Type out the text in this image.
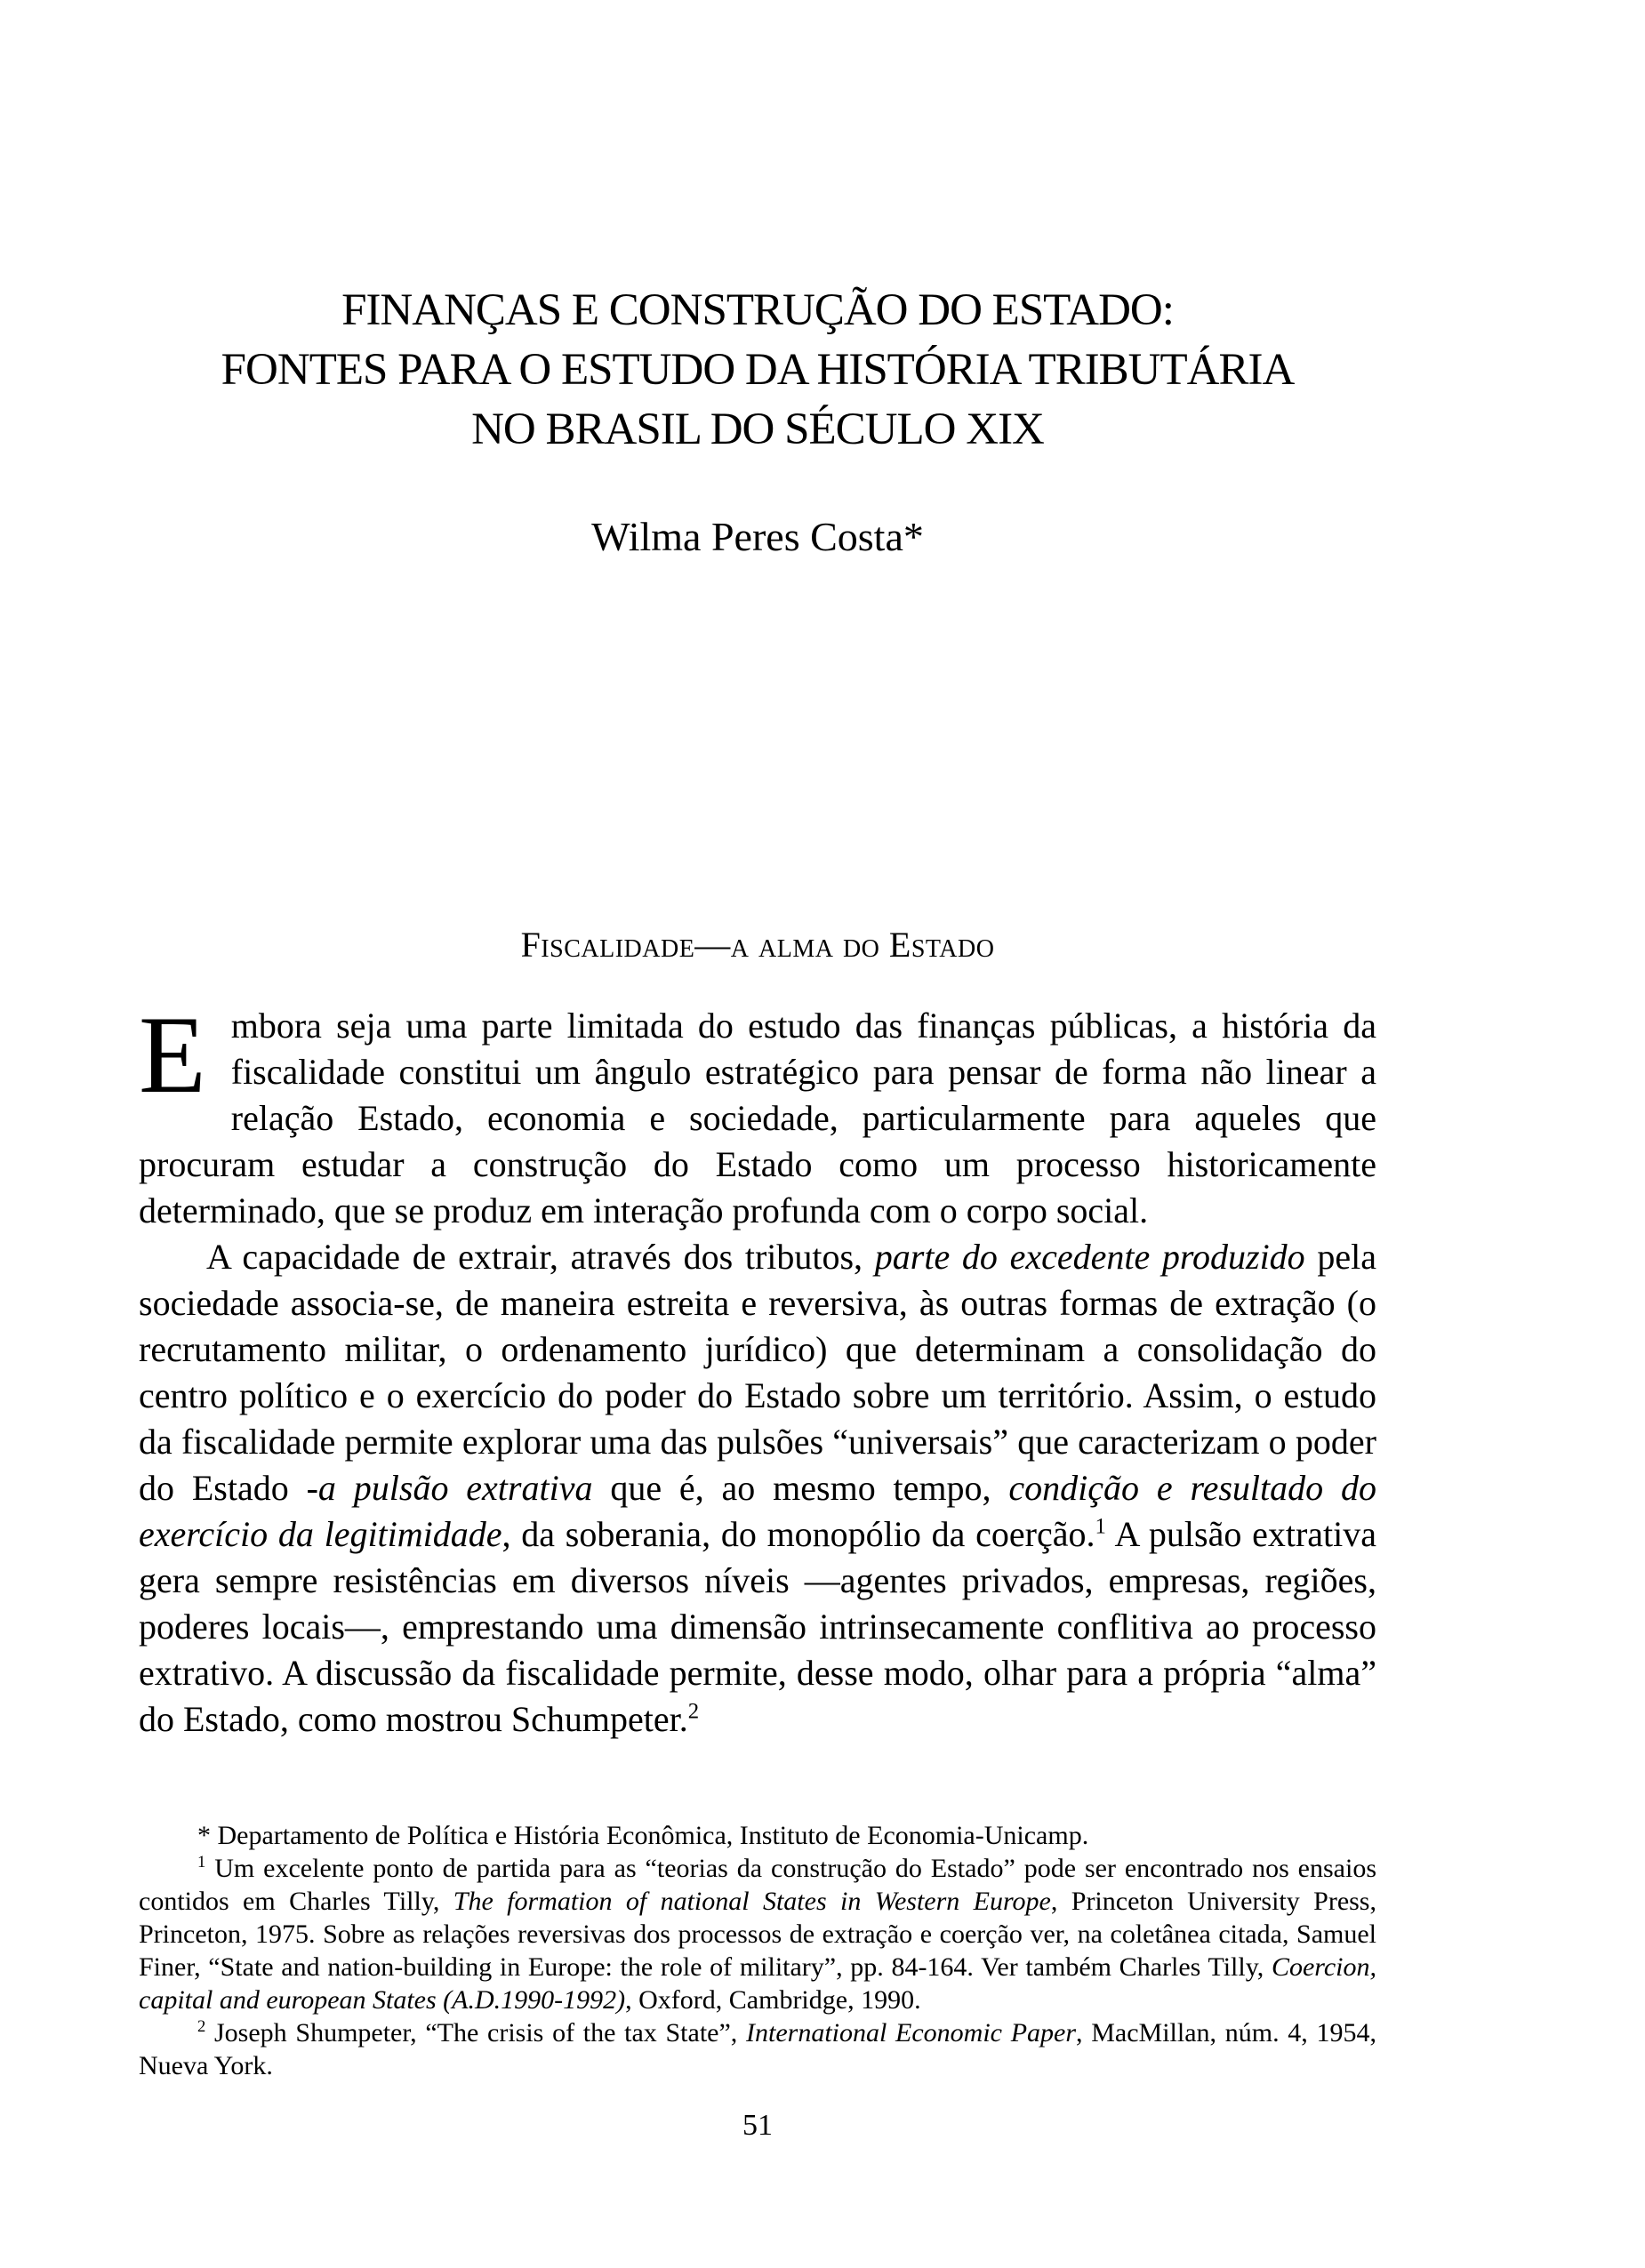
FINANÇAS E CONSTRUÇÃO DO ESTADO:
FONTES PARA O ESTUDO DA HISTÓRIA TRIBUTÁRIA
NO BRASIL DO SÉCULO XIX
Wilma Peres Costa*
Fiscalidade—a alma do Estado

Embora seja uma parte limitada do estudo das finanças públicas, a história da fiscalidade constitui um ângulo estratégico para pensar de forma não linear a relação Estado, economia e sociedade, particularmente para aqueles que procuram estudar a construção do Estado como um processo historicamente determinado, que se produz em interação profunda com o corpo social.

A capacidade de extrair, através dos tributos, parte do excedente produzido pela sociedade associa-se, de maneira estreita e reversiva, às outras formas de extração (o recrutamento militar, o ordenamento jurídico) que determinam a consolidação do centro político e o exercício do poder do Estado sobre um território. Assim, o estudo da fiscalidade permite explorar uma das pulsões “universais” que caracterizam o poder do Estado -a pulsão extrativa que é, ao mesmo tempo, condição e resultado do exercício da legitimidade, da soberania, do monopólio da coerção.$^1$ A pulsão extrativa gera sempre resistências em diversos níveis —agentes privados, empresas, regiões, poderes locais—, emprestando uma dimensão intrinsecamente conflitiva ao processo extrativo. A discussão da fiscalidade permite, desse modo, olhar para a própria “alma” do Estado, como mostrou Schumpeter.$^2$

* Departamento de Política e História Econômica, Instituto de Economia-Unicamp.

$^1$ Um excelente ponto de partida para as “teorias da construção do Estado” pode ser encontrado nos ensaios contidos em Charles Tilly, The formation of national States in Western Europe, Princeton University Press, Princeton, 1975. Sobre as relações reversivas dos processos de extração e coerção ver, na coletânea citada, Samuel Finer, “State and nation-building in Europe: the role of military”, pp. 84-164. Ver também Charles Tilly, Coercion, capital and european States (A.D.1990-1992), Oxford, Cambridge, 1990.

$^2$ Joseph Shumpeter, “The crisis of the tax State”, International Economic Paper, MacMillan, núm. 4, 1954, Nueva York.

51
